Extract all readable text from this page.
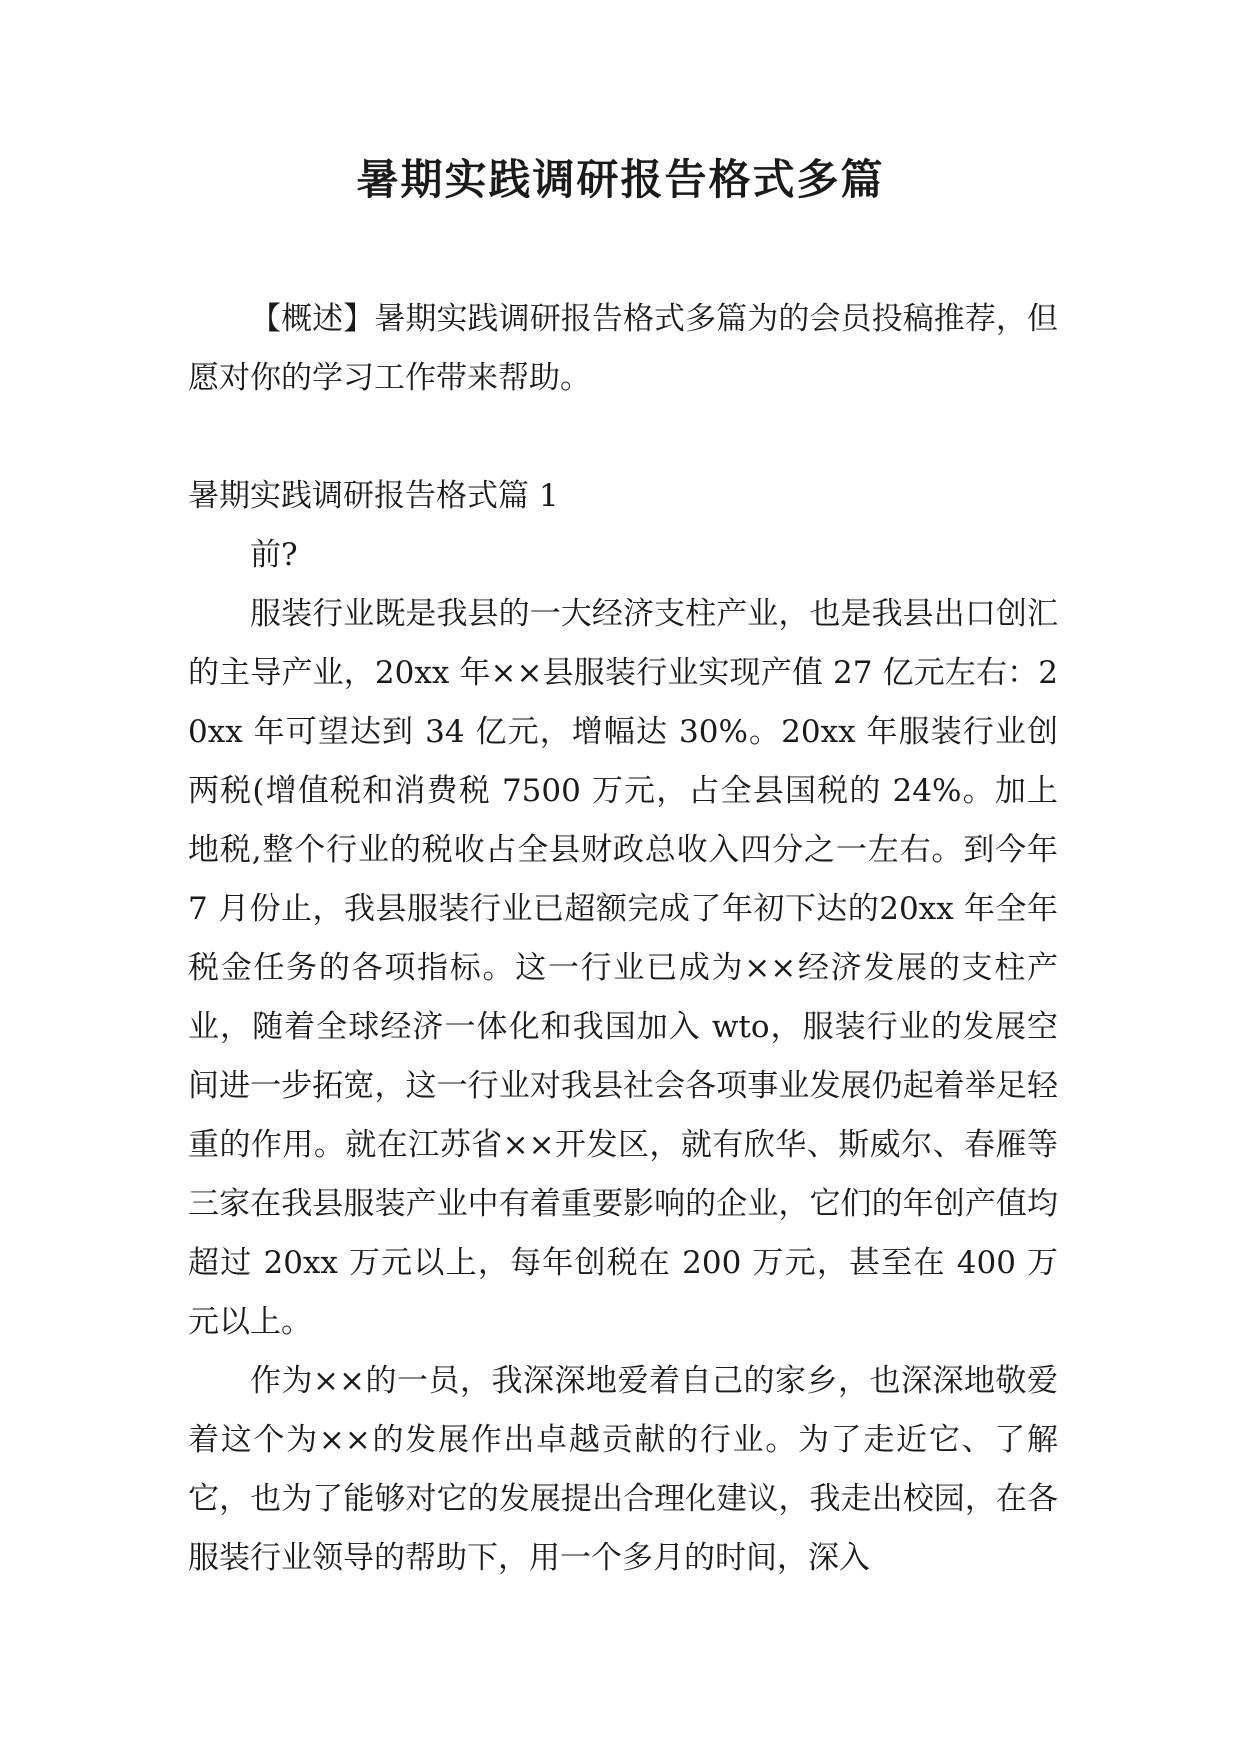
暑期实践调研报告格式多篇

【概述】暑期实践调研报告格式多篇为的会员投稿推荐，但愿对你的学习工作带来帮助。

暑期实践调研报告格式篇 1

前?

服装行业既是我县的一大经济支柱产业，也是我县出口创汇的主导产业，20xx 年××县服装行业实现产值 27 亿元左右：20xx 年可望达到 34 亿元，增幅达 30%。20xx 年服装行业创两税(增值税和消费税 7500 万元，占全县国税的 24%。加上地税,整个行业的税收占全县财政总收入四分之一左右。到今年 7 月份止，我县服装行业已超额完成了年初下达的20xx 年全年税金任务的各项指标。这一行业已成为××经济发展的支柱产业，随着全球经济一体化和我国加入 wto，服装行业的发展空间进一步拓宽，这一行业对我县社会各项事业发展仍起着举足轻重的作用。就在江苏省××开发区，就有欣华、斯威尔、春雁等三家在我县服装产业中有着重要影响的企业，它们的年创产值均超过 20xx 万元以上，每年创税在 200 万元，甚至在 400 万元以上。

作为××的一员，我深深地爱着自己的家乡，也深深地敬爱着这个为××的发展作出卓越贡献的行业。为了走近它、了解它，也为了能够对它的发展提出合理化建议，我走出校园，在各服装行业领导的帮助下，用一个多月的时间，深入
